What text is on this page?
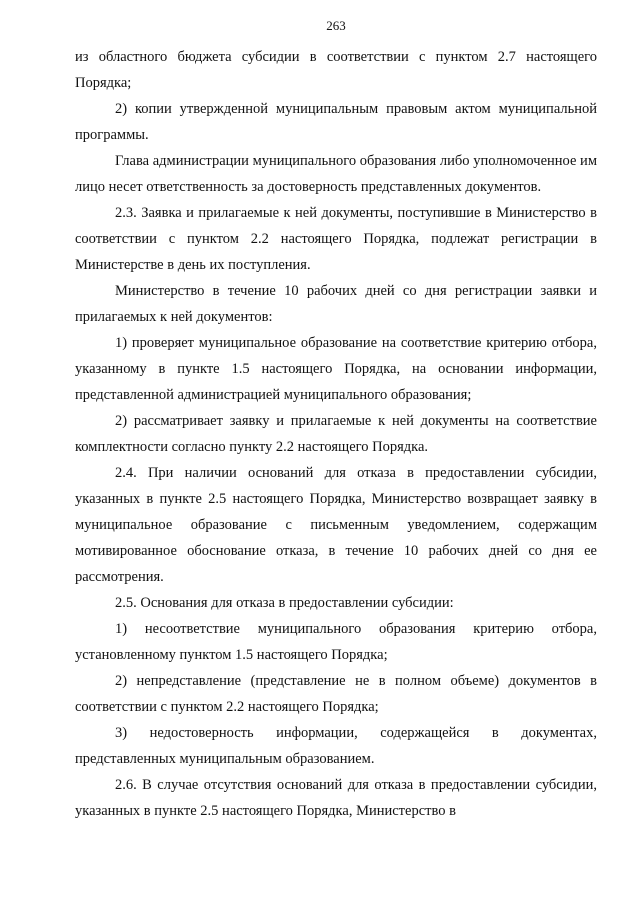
263

из областного бюджета субсидии в соответствии с пунктом 2.7 настоящего Порядка;

2) копии утвержденной муниципальным правовым актом муниципальной программы.

Глава администрации муниципального образования либо уполномоченное им лицо несет ответственность за достоверность представленных документов.

2.3. Заявка и прилагаемые к ней документы, поступившие в Министерство в соответствии с пунктом 2.2 настоящего Порядка, подлежат регистрации в Министерстве в день их поступления.

Министерство в течение 10 рабочих дней со дня регистрации заявки и прилагаемых к ней документов:

1) проверяет муниципальное образование на соответствие критерию отбора, указанному в пункте 1.5 настоящего Порядка, на основании информации, представленной администрацией муниципального образования;

2) рассматривает заявку и прилагаемые к ней документы на соответствие комплектности согласно пункту 2.2 настоящего Порядка.

2.4. При наличии оснований для отказа в предоставлении субсидии, указанных в пункте 2.5 настоящего Порядка, Министерство возвращает заявку в муниципальное образование с письменным уведомлением, содержащим мотивированное обоснование отказа, в течение 10 рабочих дней со дня ее рассмотрения.

2.5. Основания для отказа в предоставлении субсидии:

1) несоответствие муниципального образования критерию отбора, установленному пунктом 1.5 настоящего Порядка;

2) непредставление (представление не в полном объеме) документов в соответствии с пунктом 2.2 настоящего Порядка;

3) недостоверность информации, содержащейся в документах, представленных муниципальным образованием.

2.6. В случае отсутствия оснований для отказа в предоставлении субсидии, указанных в пункте 2.5 настоящего Порядка, Министерство в
